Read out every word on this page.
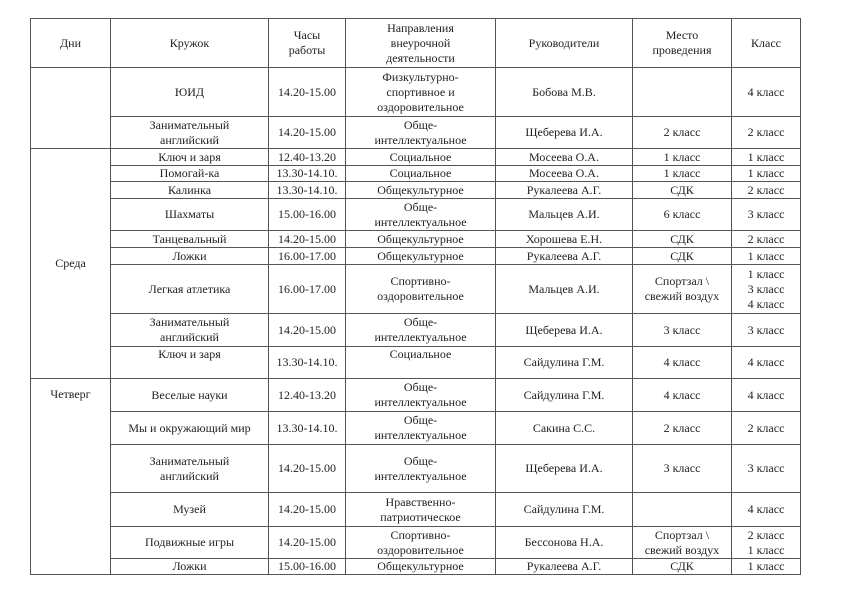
Дни	Кружок	Часы
работы	Направления
внеурочной
деятельности	Руководители	Место
проведения	Класс
	ЮИД	14.20-15.00	Физкультурно-
спортивное и
оздоровительное	Бобова М.В.		4 класс
	Занимательный
английский	14.20-15.00	Обще-
интеллектуальное	Щеберева И.А.	2 класс	2 класс
Среда	Ключ и заря	12.40-13.20	Социальное	Мосеева О.А.	1 класс	1 класс
	Помогай-ка	13.30-14.10.	Социальное	Мосеева О.А.	1 класс	1 класс
	Калинка	13.30-14.10.	Общекультурное	Рукалеева А.Г.	СДК	2 класс
	Шахматы	15.00-16.00	Обще-
интеллектуальное	Мальцев А.И.	6 класс	3 класс
	Танцевальный	14.20-15.00	Общекультурное	Хорошева Е.Н.	СДК	2 класс
	Ложки	16.00-17.00	Общекультурное	Рукалеева А.Г.	СДК	1 класс
	Легкая атлетика	16.00-17.00	Спортивно-
оздоровительное	Мальцев А.И.	Спортзал \
свежий воздух	1 класс
3 класс
4 класс
	Занимательный
английский	14.20-15.00	Обще-
интеллектуальное	Щеберева И.А.	3 класс	3 класс
	Ключ и заря	13.30-14.10.	Социальное	Сайдулина Г.М.	4 класс	4 класс
Четверг	Веселые науки	12.40-13.20	Обще-
интеллектуальное	Сайдулина Г.М.	4 класс	4 класс
	Мы и окружающий мир	13.30-14.10.	Обще-
интеллектуальное	Сакина С.С.	2 класс	2 класс
	Занимательный
английский	14.20-15.00	Обще-
интеллектуальное	Щеберева И.А.	3 класс	3 класс
	Музей	14.20-15.00	Нравственно-
патриотическое	Сайдулина Г.М.		4 класс
	Подвижные игры	14.20-15.00	Спортивно-
оздоровительное	Бессонова Н.А.	Спортзал \
свежий воздух	2 класс
1 класс
	Ложки	15.00-16.00	Общекультурное	Рукалеева А.Г.	СДК	1 класс
